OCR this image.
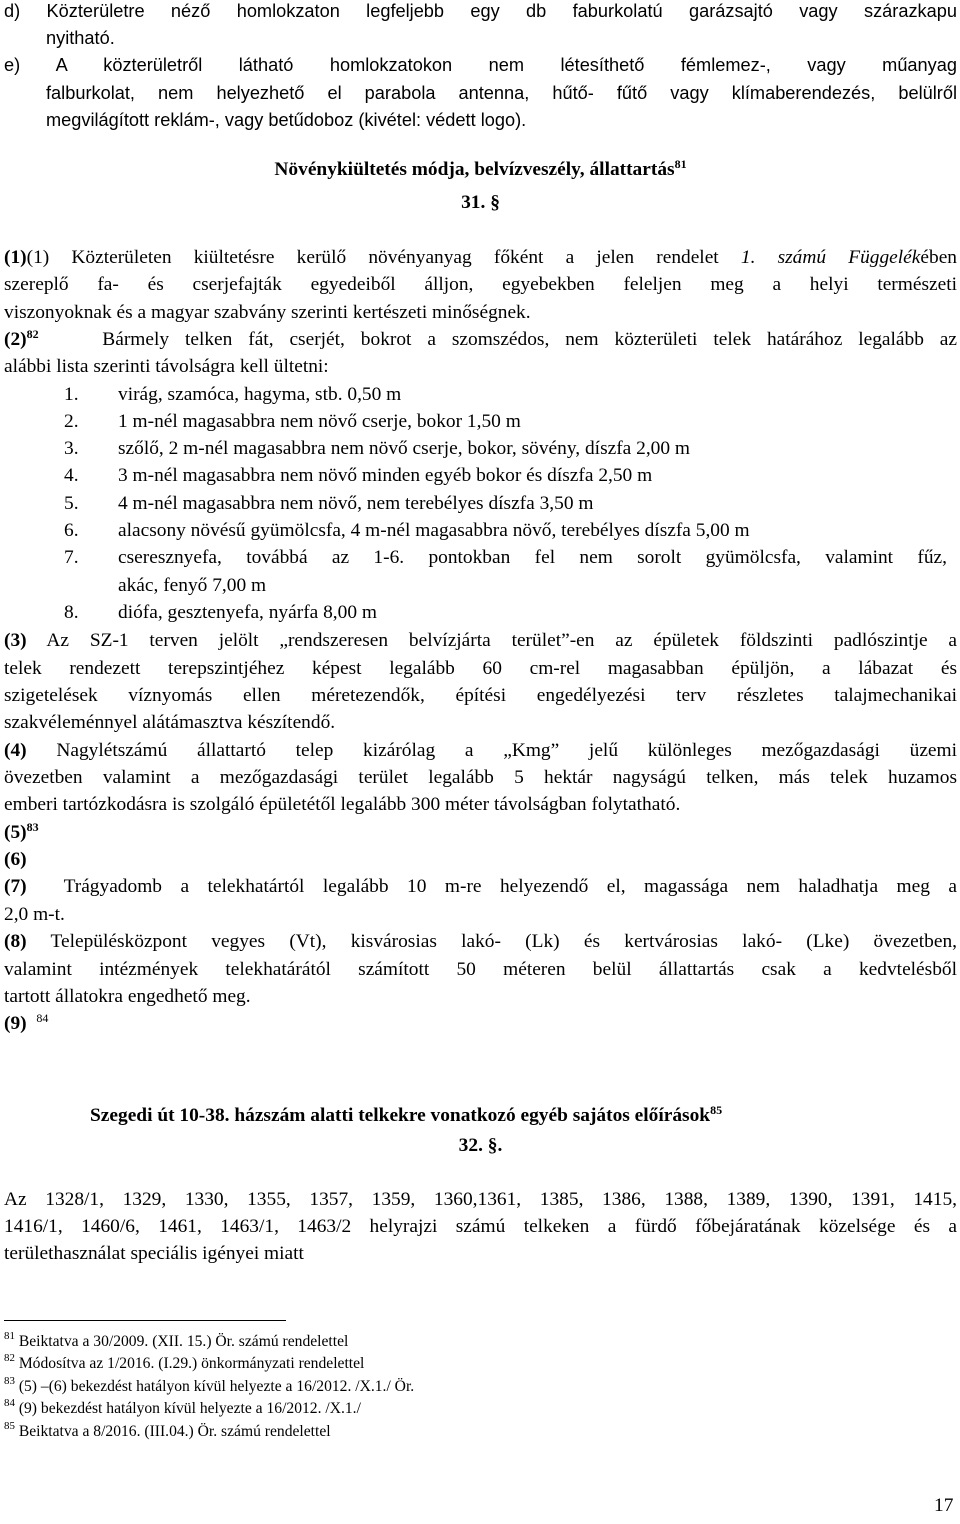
d) Közterületre néző homlokzaton legfeljebb egy db faburkolatú garázsajtó vagy szárazkapu
nyitható.
e) A közterületről látható homlokzatokon nem létesíthető fémlemez-, vagy műanyag
falburkolat, nem helyezhető el parabola antenna, hűtő- fűtő vagy klímaberendezés, belülről
megvilágított reklám-, vagy betűdoboz (kivétel: védett logo).
Növénykiültetés módja, belvízveszély, állattartás$^{81}$
31. §
(1)(1) Közterületen kiültetésre kerülő növényanyag főként a jelen rendelet 1. számú Függelékében
szereplő fa- és cserjefajták egyedeiből álljon, egyebekben feleljen meg a helyi természeti
viszonyoknak és a magyar szabvány szerinti kertészeti minőségnek.
$(2)^{82}$	Bármely telken fát, cserjét, bokrot a szomszédos, nem közterületi telek határához legalább az
alábbi lista szerinti távolságra kell ültetni:
1. virág, szamóca, hagyma, stb. 0,50 m
2. 1 m-nél magasabbra nem növő cserje, bokor 1,50 m
3. szőlő, 2 m-nél magasabbra nem növő cserje, bokor, sövény, díszfa 2,00 m
4. 3 m-nél magasabbra nem növő minden egyéb bokor és díszfa 2,50 m
5. 4 m-nél magasabbra nem növő, nem terebélyes díszfa 3,50 m
6. alacsony növésű gyümölcsfa, 4 m-nél magasabbra növő, terebélyes díszfa 5,00 m
7. cseresznyefa, továbbá az 1-6. pontokban fel nem sorolt gyümölcsfa, valamint fűz,
akác, fenyő 7,00 m
8. diófa, gesztenyefa, nyárfa 8,00 m
(3) Az SZ-1 terven jelölt „rendszeresen belvízjárta terület”-en az épületek földszinti padlószintje a
telek rendezett terepszintjéhez képest legalább 60 cm-rel magasabban épüljön, a lábazat és
szigetelések víznyomás ellen méretezendők, építési engedélyezési terv részletes talajmechanikai
szakvéleménnyel alátámasztva készítendő.
(4) Nagylétszámú állattartó telep kizárólag a „Kmg” jelű különleges mezőgazdasági üzemi
övezetben valamint a mezőgazdasági terület legalább 5 hektár nagyságú telken, más telek huzamos
emberi tartózkodásra is szolgáló épületétől legalább 300 méter távolságban folytatható.
$(5)^{83}$
(6)
(7) Trágyadomb a telekhatártól legalább 10 m-re helyezendő el, magassága nem haladhatja meg a
2,0 m-t.
(8) Településközpont vegyes (Vt), kisvárosias lakó- (Lk) és kertvárosias lakó- (Lke) övezetben,
valamint intézmények telekhatárától számított 50 méteren belül állattartás csak a kedvtelésből
tartott állatokra engedhető meg.
(9) $^{84}$
Szegedi út 10-38. házszám alatti telkekre vonatkozó egyéb sajátos előírások$^{85}$
32. §.
Az 1328/1, 1329, 1330, 1355, 1357, 1359, 1360,1361, 1385, 1386, 1388, 1389, 1390, 1391, 1415,
1416/1, 1460/6, 1461, 1463/1, 1463/2 helyrajzi számú telkeken a fürdő főbejáratának közelsége és a
területhasználat speciális igényei miatt
$^{81}$ Beiktatva a 30/2009. (XII. 15.) Ör. számú rendelettel
$^{82}$ Módosítva az 1/2016. (I.29.) önkormányzati rendelettel
$^{83}$ (5) –(6) bekezdést hatályon kívül helyezte a 16/2012. /X.1./ Ör.
$^{84}$ (9) bekezdést hatályon kívül helyezte a 16/2012. /X.1./
$^{85}$ Beiktatva a 8/2016. (III.04.) Ör. számú rendelettel
17
